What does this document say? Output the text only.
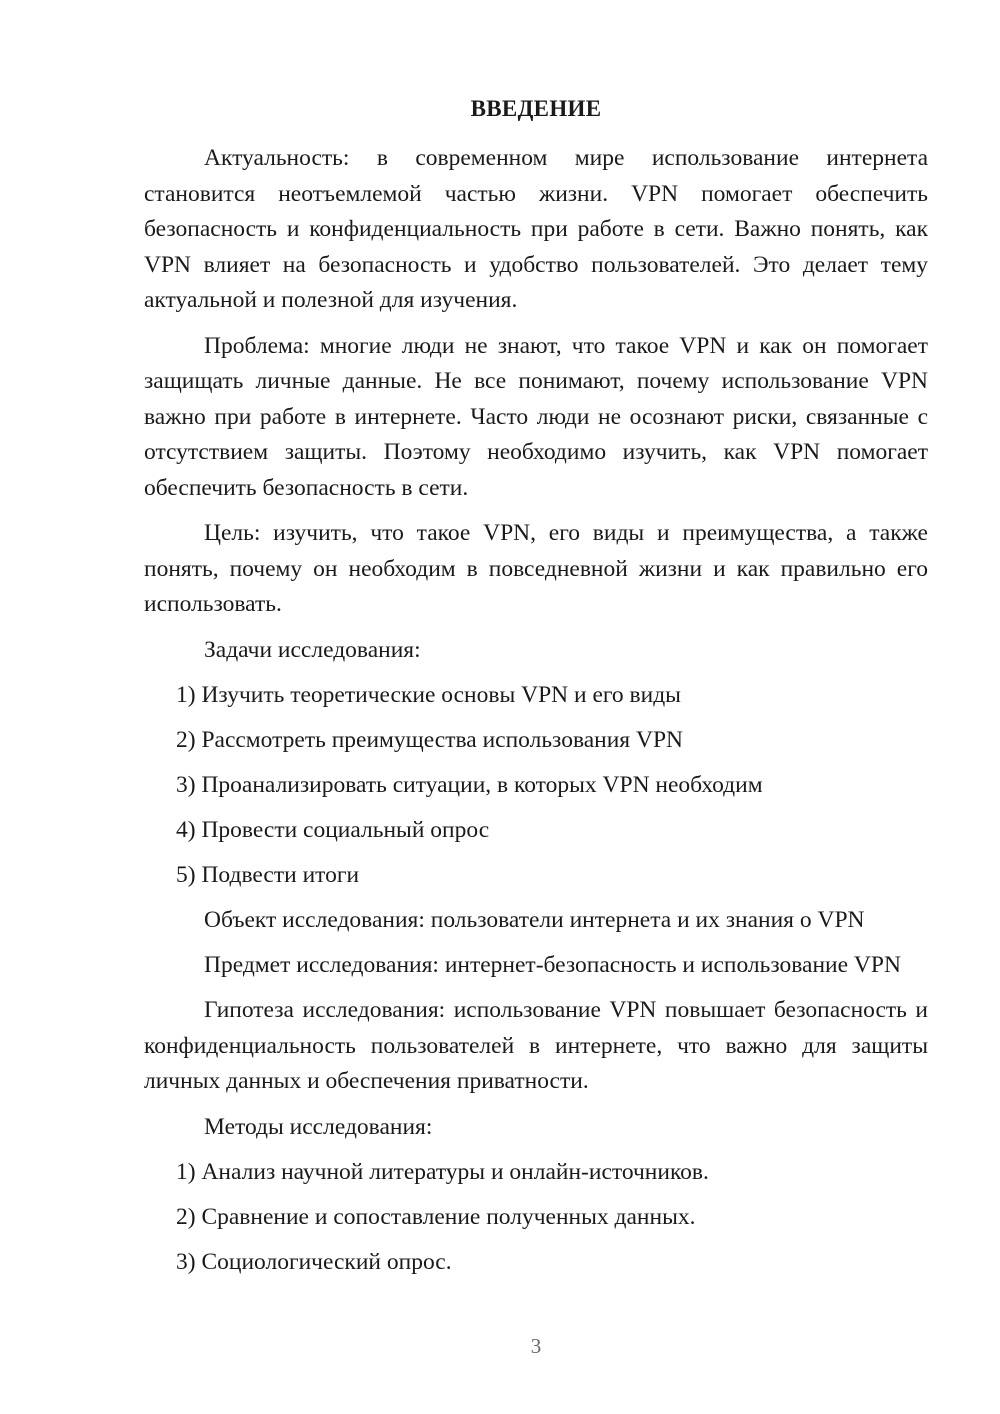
ВВЕДЕНИЕ

Актуальность: в современном мире использование интернета становится неотъемлемой частью жизни. VPN помогает обеспечить безопасность и конфиденциальность при работе в сети. Важно понять, как VPN влияет на безопасность и удобство пользователей. Это делает тему актуальной и полезной для изучения.

Проблема: многие люди не знают, что такое VPN и как он помогает защищать личные данные. Не все понимают, почему использование VPN важно при работе в интернете. Часто люди не осознают риски, связанные с отсутствием защиты. Поэтому необходимо изучить, как VPN помогает обеспечить безопасность в сети.

Цель: изучить, что такое VPN, его виды и преимущества, а также понять, почему он необходим в повседневной жизни и как правильно его использовать.

Задачи исследования:

1) Изучить теоретические основы VPN и его виды

2) Рассмотреть преимущества использования VPN

3) Проанализировать ситуации, в которых VPN необходим

4) Провести социальный опрос

5) Подвести итоги

Объект исследования: пользователи интернета и их знания о VPN

Предмет исследования: интернет-безопасность и использование VPN

Гипотеза исследования: использование VPN повышает безопасность и конфиденциальность пользователей в интернете, что важно для защиты личных данных и обеспечения приватности.

Методы исследования:

1) Анализ научной литературы и онлайн-источников.

2) Сравнение и сопоставление полученных данных.

3) Социологический опрос.

3
